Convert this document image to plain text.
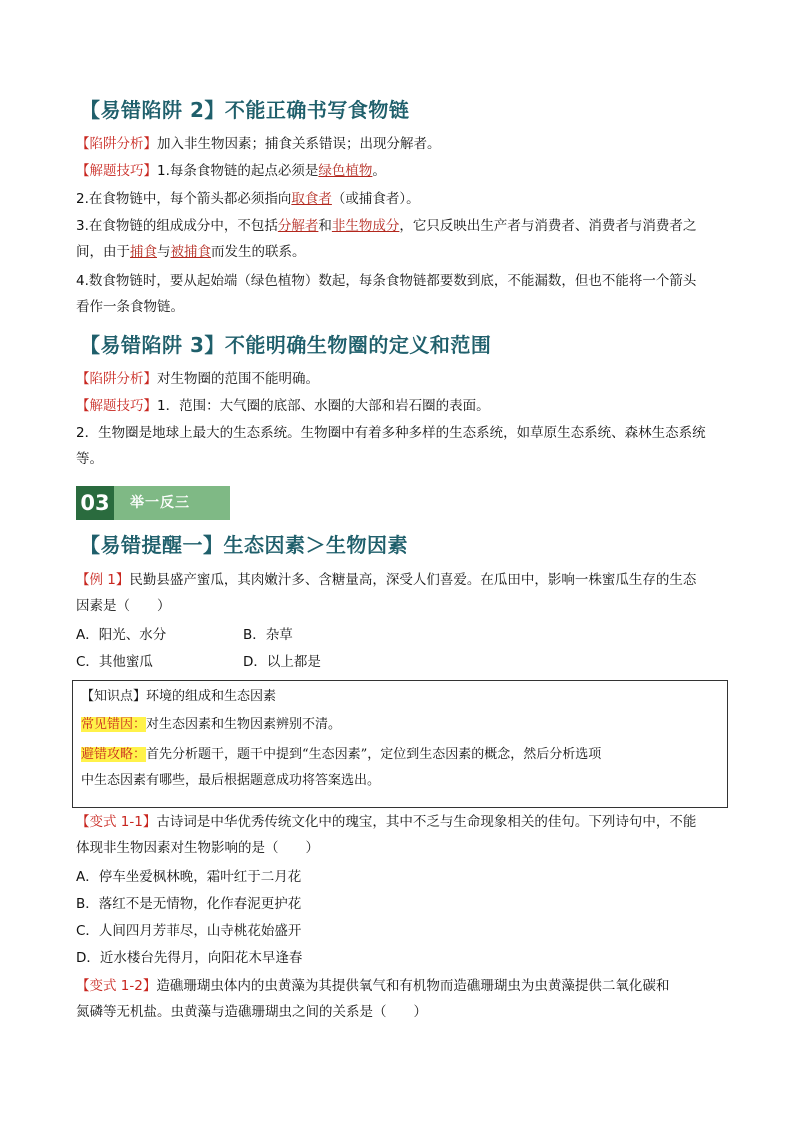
【易错陷阱 2】不能正确书写食物链
【陷阱分析】加入非生物因素；捕食关系错误；出现分解者。
【解题技巧】1.每条食物链的起点必须是绿色植物。
2.在食物链中，每个箭头都必须指向取食者（或捕食者）。
3.在食物链的组成成分中，不包括分解者和非生物成分，它只反映出生产者与消费者、消费者与消费者之
间，由于捕食与被捕食而发生的联系。
4.数食物链时，要从起始端（绿色植物）数起，每条食物链都要数到底，不能漏数，但也不能将一个箭头
看作一条食物链。
【易错陷阱 3】不能明确生物圈的定义和范围
【陷阱分析】对生物圈的范围不能明确。
【解题技巧】1．范围：大气圈的底部、水圈的大部和岩石圈的表面。
2．生物圈是地球上最大的生态系统。生物圈中有着多种多样的生态系统，如草原生态系统、森林生态系统
等。
03	举一反三
【易错提醒一】生态因素＞生物因素
【例 1】民勤县盛产蜜瓜，其肉嫩汁多、含糖量高，深受人们喜爱。在瓜田中，影响一株蜜瓜生存的生态
因素是（　　）
A．阳光、水分	B．杂草
C．其他蜜瓜	D．以上都是
【知识点】环境的组成和生态因素
常见错因：对生态因素和生物因素辨别不清。
避错攻略：首先分析题干，题干中提到“生态因素”，定位到生态因素的概念，然后分析选项
中生态因素有哪些，最后根据题意成功将答案选出。
【变式 1-1】古诗词是中华优秀传统文化中的瑰宝，其中不乏与生命现象相关的佳句。下列诗句中，不能
体现非生物因素对生物影响的是（　　）
A．停车坐爱枫林晚，霜叶红于二月花
B．落红不是无情物，化作春泥更护花
C．人间四月芳菲尽，山寺桃花始盛开
D．近水楼台先得月，向阳花木早逢春
【变式 1-2】造礁珊瑚虫体内的虫黄藻为其提供氧气和有机物而造礁珊瑚虫为虫黄藻提供二氧化碳和
氮磷等无机盐。虫黄藻与造礁珊瑚虫之间的关系是（　　）
